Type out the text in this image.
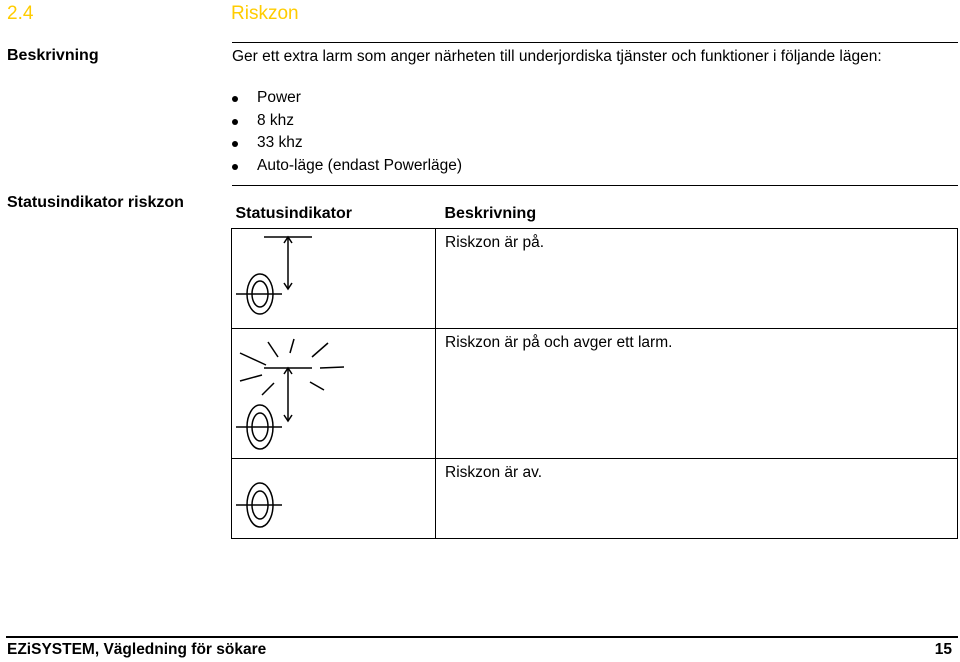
2.4	Riskzon
Beskrivning	Ger ett extra larm som anger närheten till underjordiska tjänster och funktioner i följande lägen:
Power
8 khz
33 khz
Auto-läge (endast Powerläge)
Statusindikator riskzon
Statusindikator	Beskrivning

	Riskzon är på.

	Riskzon är på och avger ett larm.

	Riskzon är av.
EZiSYSTEM, Vägledning för sökare	15
